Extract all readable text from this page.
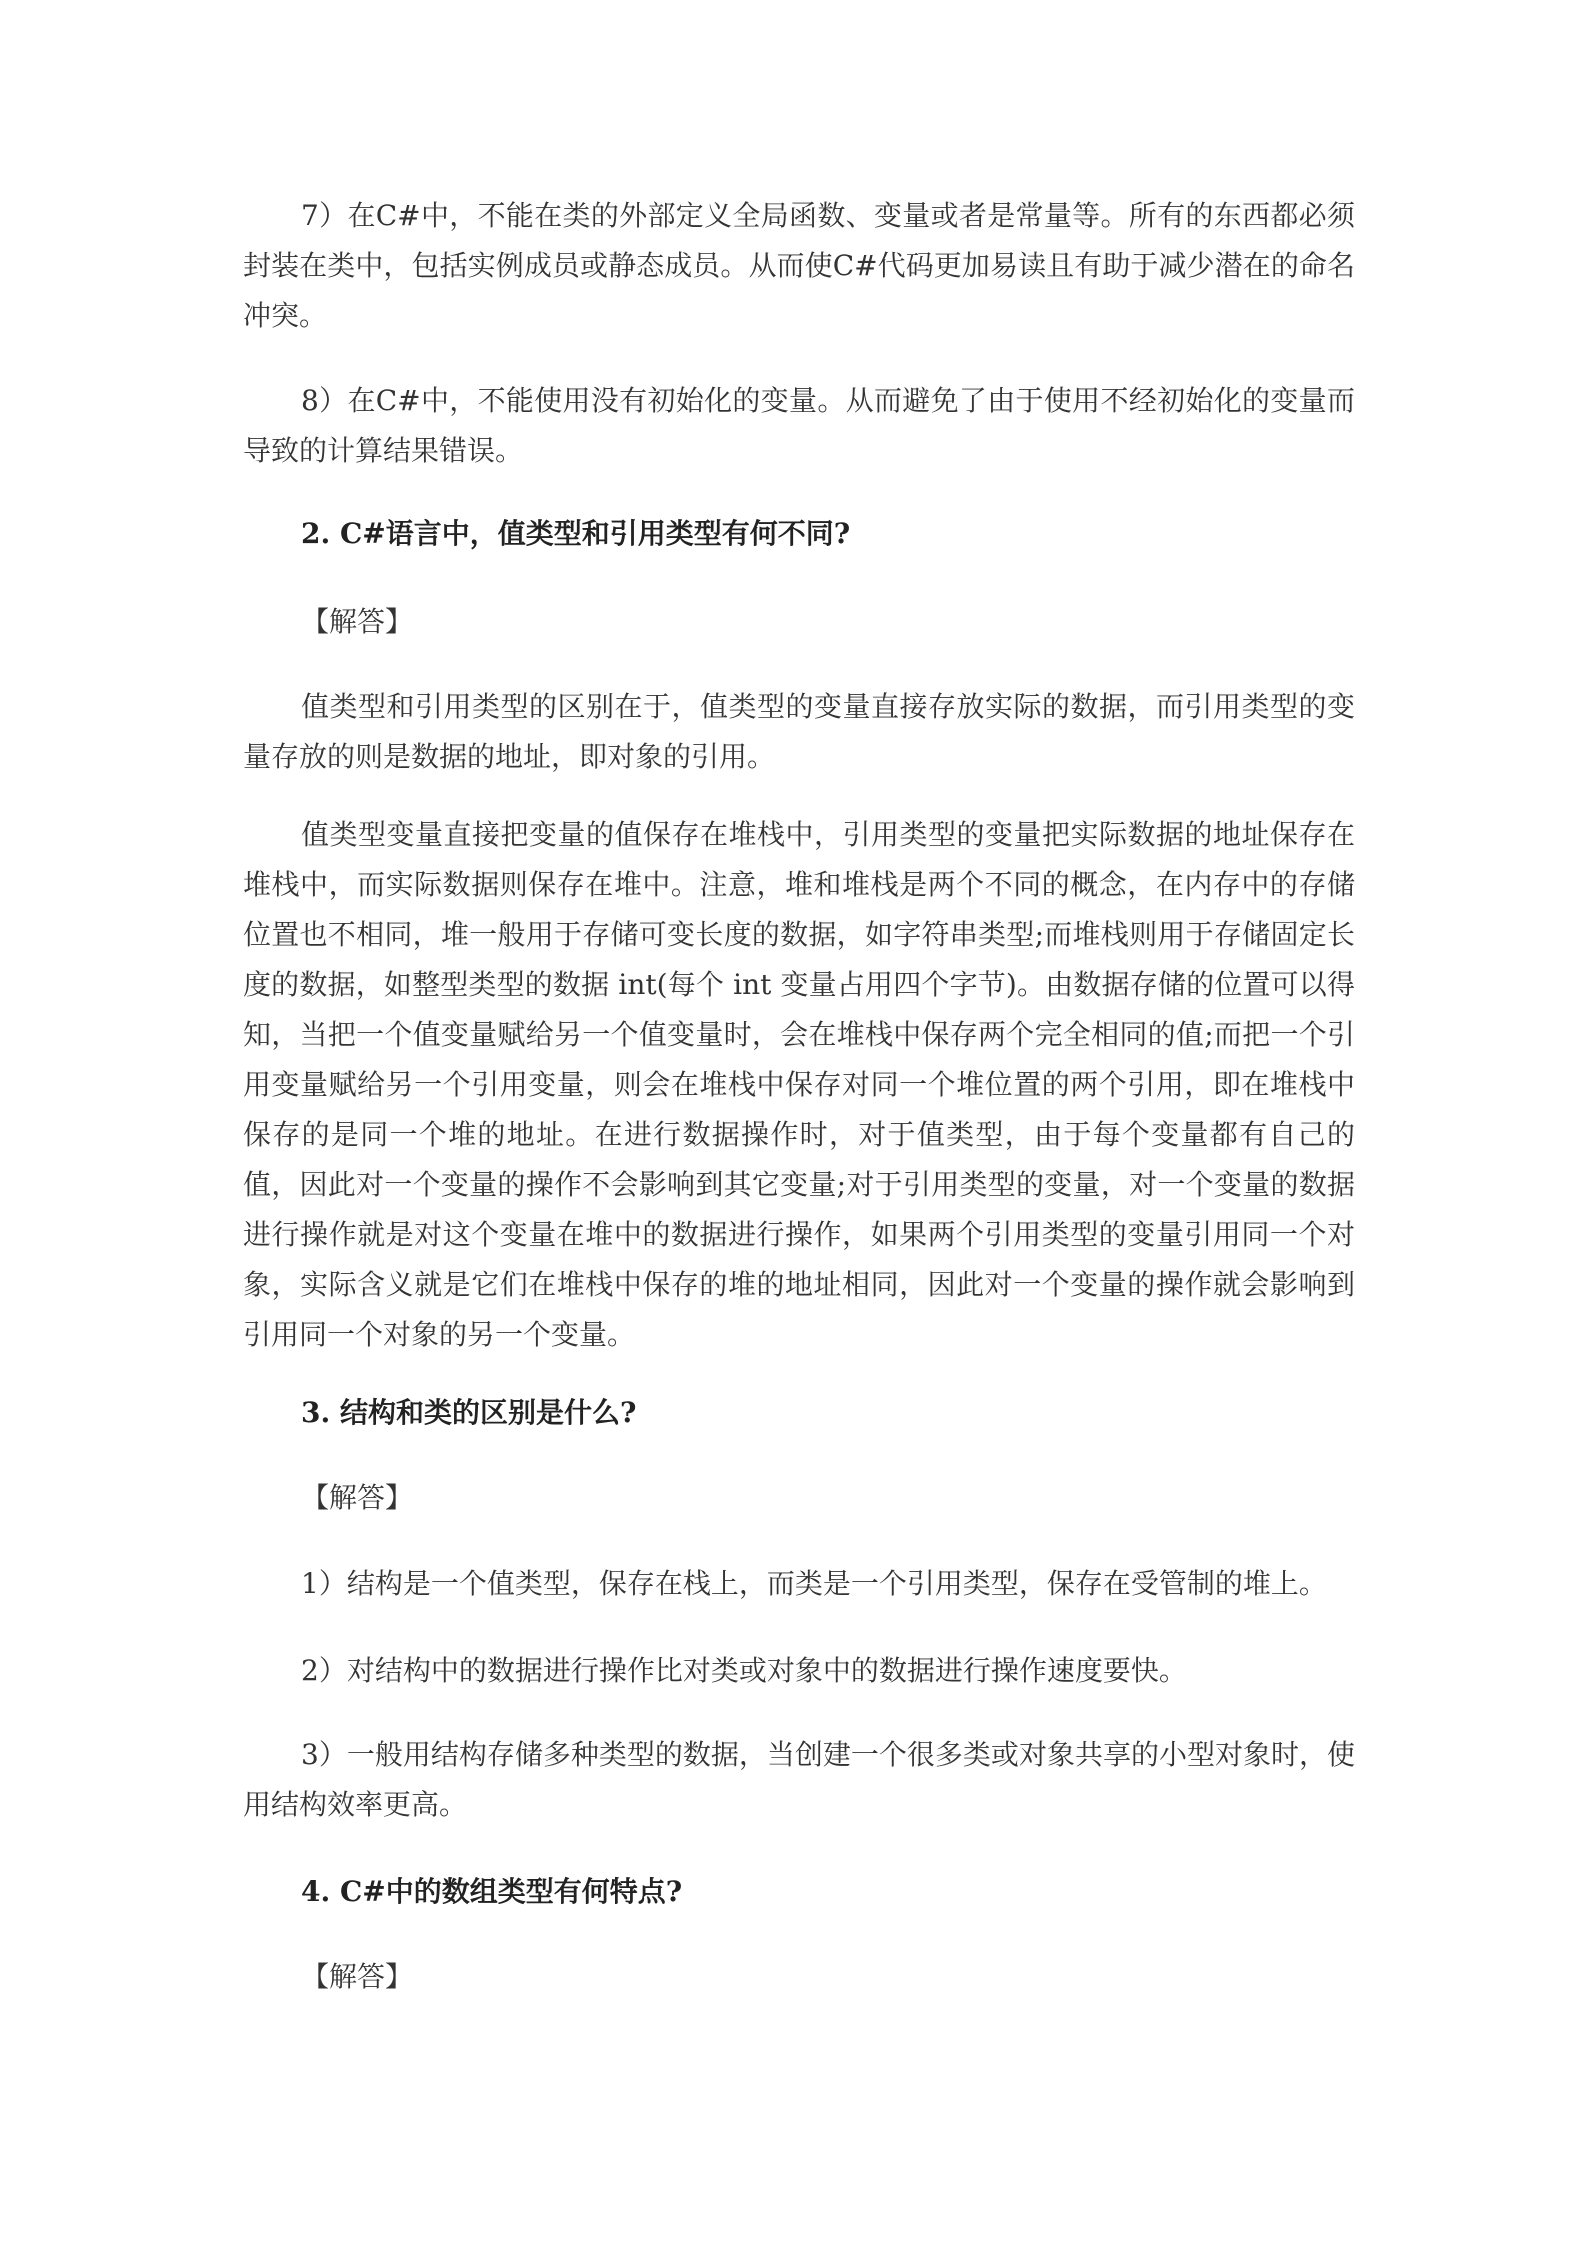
7）在C#中，不能在类的外部定义全局函数、变量或者是常量等。所有的东西都必须封装在类中，包括实例成员或静态成员。从而使C#代码更加易读且有助于减少潜在的命名冲突。

8）在C#中，不能使用没有初始化的变量。从而避免了由于使用不经初始化的变量而导致的计算结果错误。

2. C#语言中，值类型和引用类型有何不同?

【解答】

值类型和引用类型的区别在于，值类型的变量直接存放实际的数据，而引用类型的变量存放的则是数据的地址，即对象的引用。

值类型变量直接把变量的值保存在堆栈中，引用类型的变量把实际数据的地址保存在堆栈中，而实际数据则保存在堆中。注意，堆和堆栈是两个不同的概念，在内存中的存储位置也不相同，堆一般用于存储可变长度的数据，如字符串类型;而堆栈则用于存储固定长度的数据，如整型类型的数据 int(每个 int 变量占用四个字节)。由数据存储的位置可以得知，当把一个值变量赋给另一个值变量时，会在堆栈中保存两个完全相同的值;而把一个引用变量赋给另一个引用变量，则会在堆栈中保存对同一个堆位置的两个引用，即在堆栈中保存的是同一个堆的地址。在进行数据操作时，对于值类型，由于每个变量都有自己的值，因此对一个变量的操作不会影响到其它变量;对于引用类型的变量，对一个变量的数据进行操作就是对这个变量在堆中的数据进行操作，如果两个引用类型的变量引用同一个对象，实际含义就是它们在堆栈中保存的堆的地址相同，因此对一个变量的操作就会影响到引用同一个对象的另一个变量。

3. 结构和类的区别是什么?

【解答】

1）结构是一个值类型，保存在栈上，而类是一个引用类型，保存在受管制的堆上。

2）对结构中的数据进行操作比对类或对象中的数据进行操作速度要快。

3）一般用结构存储多种类型的数据，当创建一个很多类或对象共享的小型对象时，使用结构效率更高。

4. C#中的数组类型有何特点?

【解答】
